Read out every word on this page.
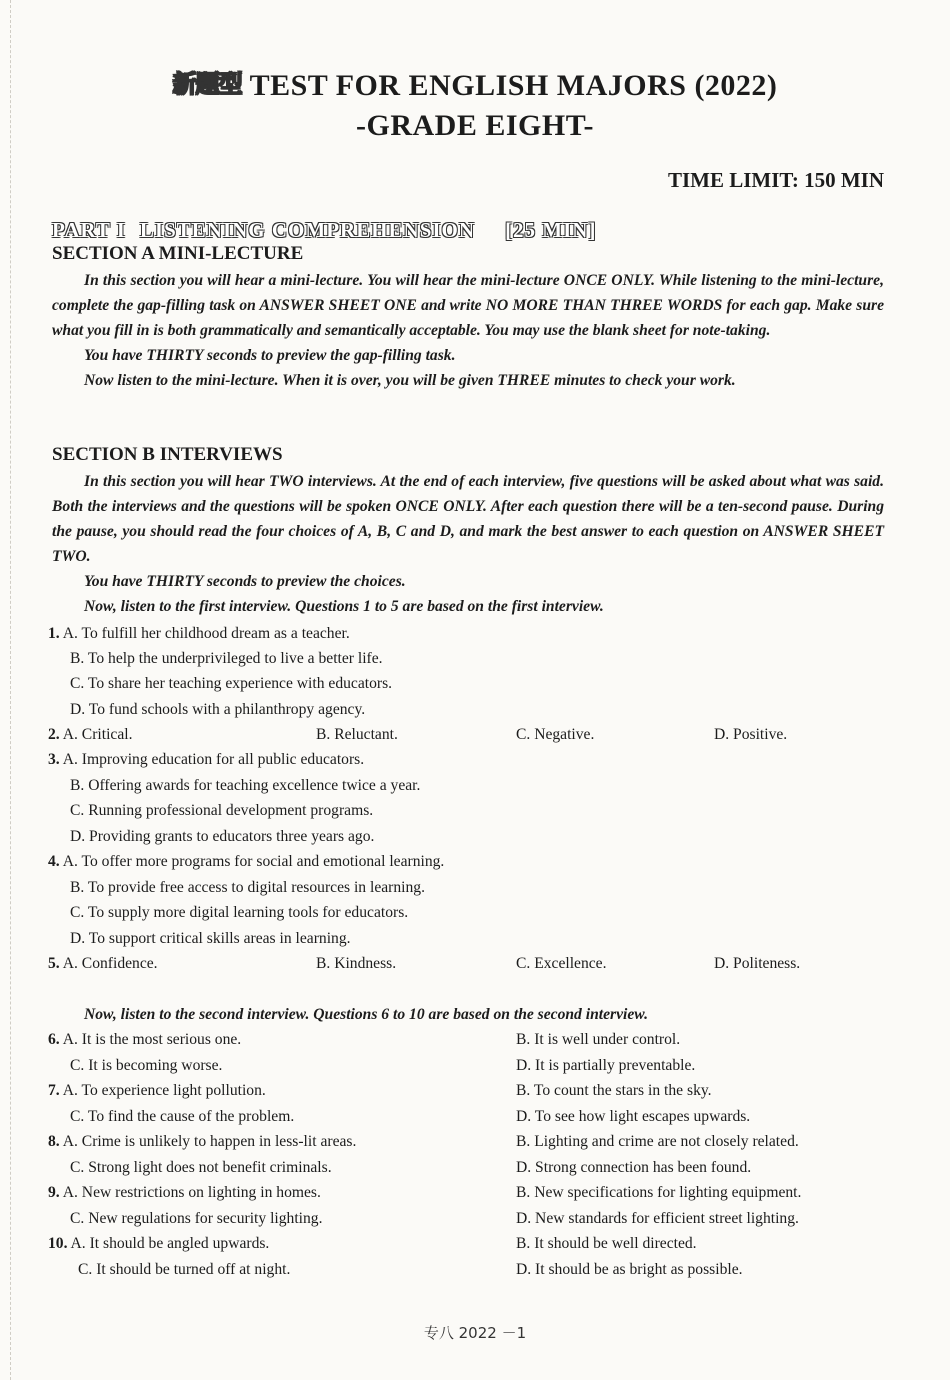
新题型 TEST FOR ENGLISH MAJORS (2022)
-GRADE EIGHT-
TIME LIMIT: 150 MIN
PART I LISTENING COMPREHENSION [25 MIN]
SECTION A MINI-LECTURE

In this section you will hear a mini-lecture. You will hear the mini-lecture ONCE ONLY. While listening to the mini-lecture, complete the gap-filling task on ANSWER SHEET ONE and write NO MORE THAN THREE WORDS for each gap. Make sure what you fill in is both grammatically and semantically acceptable. You may use the blank sheet for note-taking.

You have THIRTY seconds to preview the gap-filling task.

Now listen to the mini-lecture. When it is over, you will be given THREE minutes to check your work.

SECTION B INTERVIEWS

In this section you will hear TWO interviews. At the end of each interview, five questions will be asked about what was said. Both the interviews and the questions will be spoken ONCE ONLY. After each question there will be a ten-second pause. During the pause, you should read the four choices of A, B, C and D, and mark the best answer to each question on ANSWER SHEET TWO.

You have THIRTY seconds to preview the choices.

Now, listen to the first interview. Questions 1 to 5 are based on the first interview.

1. A. To fulfill her childhood dream as a teacher.
B. To help the underprivileged to live a better life.
C. To share her teaching experience with educators.
D. To fund schools with a philanthropy agency.
2. A. Critical.	B. Reluctant.	C. Negative.	D. Positive.
3. A. Improving education for all public educators.
B. Offering awards for teaching excellence twice a year.
C. Running professional development programs.
D. Providing grants to educators three years ago.
4. A. To offer more programs for social and emotional learning.
B. To provide free access to digital resources in learning.
C. To supply more digital learning tools for educators.
D. To support critical skills areas in learning.
5. A. Confidence.	B. Kindness.	C. Excellence.	D. Politeness.

Now, listen to the second interview. Questions 6 to 10 are based on the second interview.

6. A. It is the most serious one.	B. It is well under control.
C. It is becoming worse.	D. It is partially preventable.
7. A. To experience light pollution.	B. To count the stars in the sky.
C. To find the cause of the problem.	D. To see how light escapes upwards.
8. A. Crime is unlikely to happen in less-lit areas.	B. Lighting and crime are not closely related.
C. Strong light does not benefit criminals.	D. Strong connection has been found.
9. A. New restrictions on lighting in homes.	B. New specifications for lighting equipment.
C. New regulations for security lighting.	D. New standards for efficient street lighting.
10. A. It should be angled upwards.	B. It should be well directed.
C. It should be turned off at night.	D. It should be as bright as possible.
专八 2022 －1
